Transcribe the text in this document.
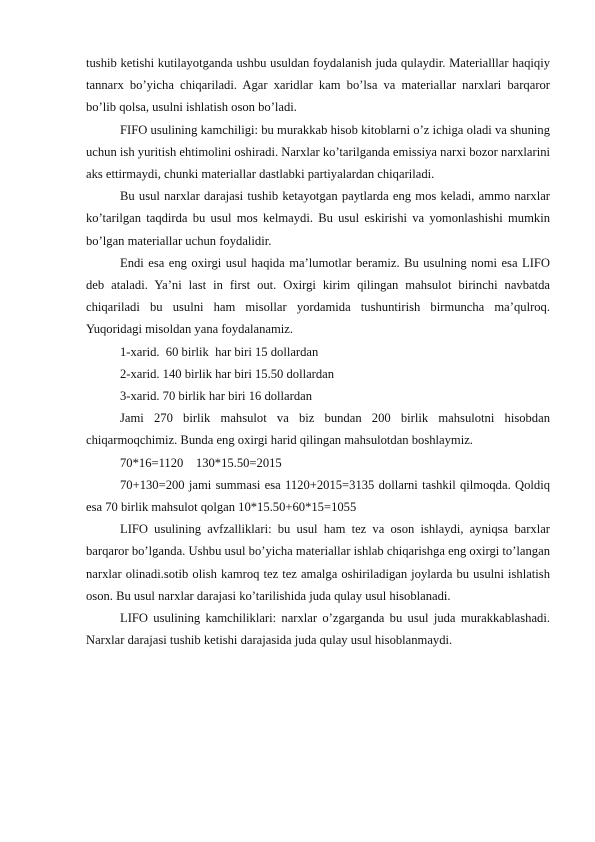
tushib ketishi kutilayotganda ushbu usuldan foydalanish juda qulaydir. Materialllar haqiqiy tannarx bo’yicha chiqariladi. Agar xaridlar kam bo’lsa va materiallar narxlari barqaror bo’lib qolsa, usulni ishlatish oson bo’ladi.

FIFO usulining kamchiligi: bu murakkab hisob kitoblarni o’z ichiga oladi va shuning uchun ish yuritish ehtimolini oshiradi. Narxlar ko’tarilganda emissiya narxi bozor narxlarini aks ettirmaydi, chunki materiallar dastlabki partiyalardan chiqariladi.

Bu usul narxlar darajasi tushib ketayotgan paytlarda eng mos keladi, ammo narxlar ko’tarilgan taqdirda bu usul mos kelmaydi. Bu usul eskirishi va yomonlashishi mumkin bo’lgan materiallar uchun foydalidir.

Endi esa eng oxirgi usul haqida ma’lumotlar beramiz. Bu usulning nomi esa LIFO deb ataladi. Ya’ni last in first out. Oxirgi kirim qilingan mahsulot birinchi navbatda chiqariladi bu usulni ham misollar yordamida tushuntirish birmuncha ma’qulroq. Yuqoridagi misoldan yana foydalanamiz.

1-xarid.  60 birlik  har biri 15 dollardan

2-xarid. 140 birlik har biri 15.50 dollardan

3-xarid. 70 birlik har biri 16 dollardan

Jami 270 birlik mahsulot va biz bundan 200 birlik mahsulotni hisobdan chiqarmoqchimiz. Bunda eng oxirgi harid qilingan mahsulotdan boshlaymiz.

70*16=1120    130*15.50=2015

70+130=200 jami summasi esa 1120+2015=3135 dollarni tashkil qilmoqda. Qoldiq esa 70 birlik mahsulot qolgan 10*15.50+60*15=1055

LIFO usulining avfzalliklari: bu usul ham tez va oson ishlaydi, ayniqsa barxlar barqaror bo’lganda. Ushbu usul bo’yicha materiallar ishlab chiqarishga eng oxirgi to’langan narxlar olinadi.sotib olish kamroq tez tez amalga oshiriladigan joylarda bu usulni ishlatish oson. Bu usul narxlar darajasi ko’tarilishida juda qulay usul hisoblanadi.

LIFO usulining kamchiliklari: narxlar o’zgarganda bu usul juda murakkablashadi. Narxlar darajasi tushib ketishi darajasida juda qulay usul hisoblanmaydi.
